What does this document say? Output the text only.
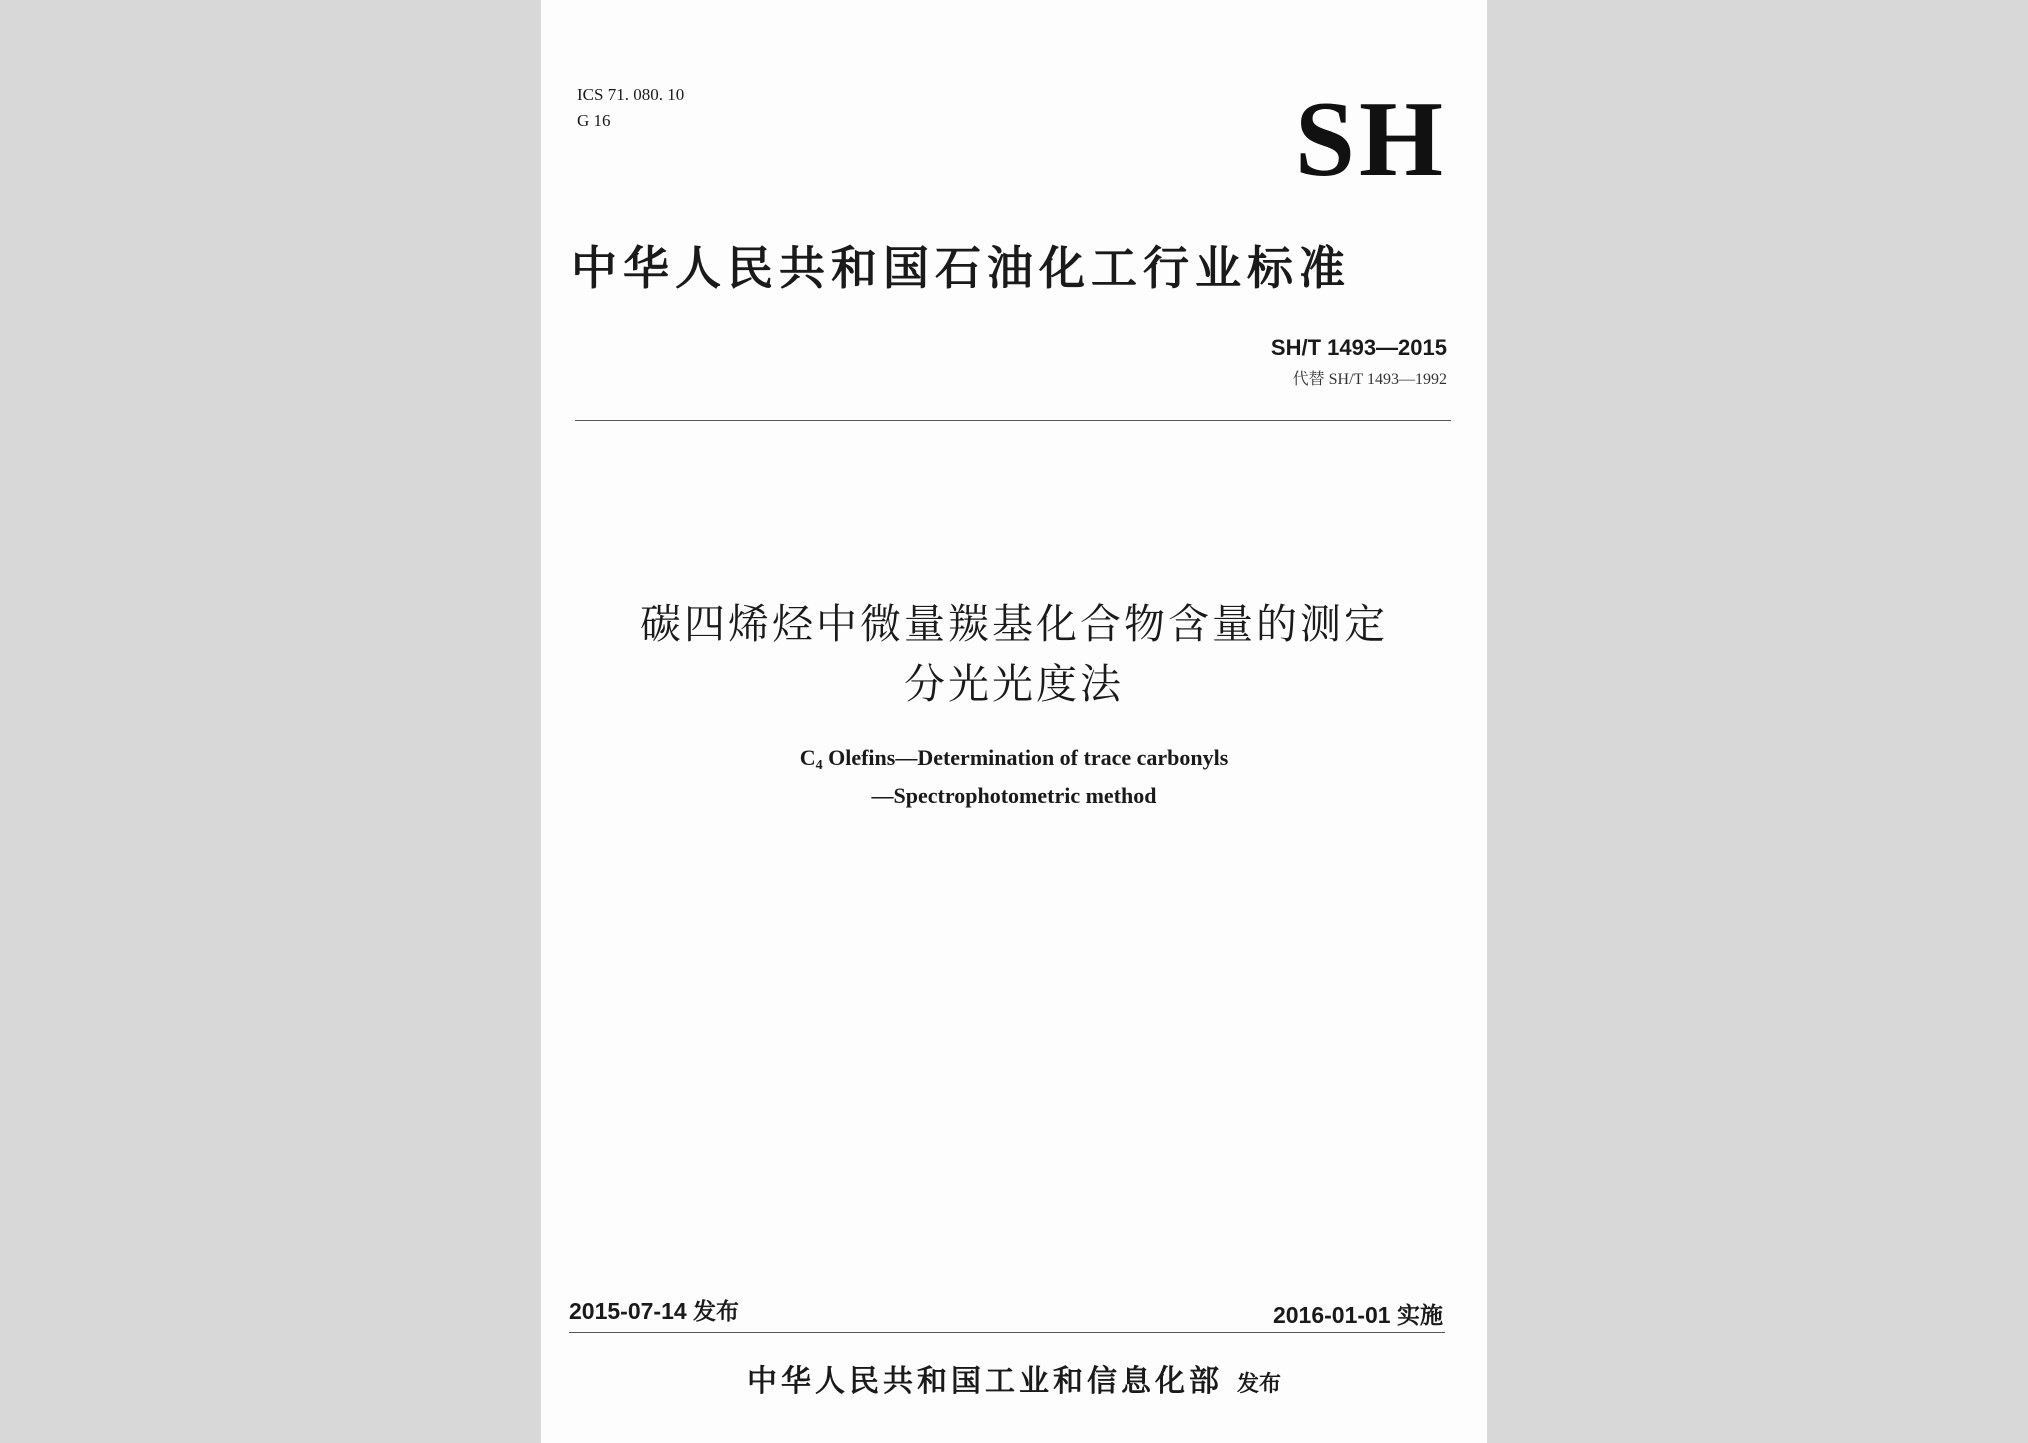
ICS 71. 080. 10
G 16	SH
中华人民共和国石油化工行业标准
SH/T 1493—2015
代替 SH/T 1493—1992
碳四烯烃中微量羰基化合物含量的测定
分光光度法
$C_4$ Olefins—Determination of trace carbonyls
—Spectrophotometric method
2015-07-14 发布	2016-01-01 实施
中华人民共和国工业和信息化部 发布
